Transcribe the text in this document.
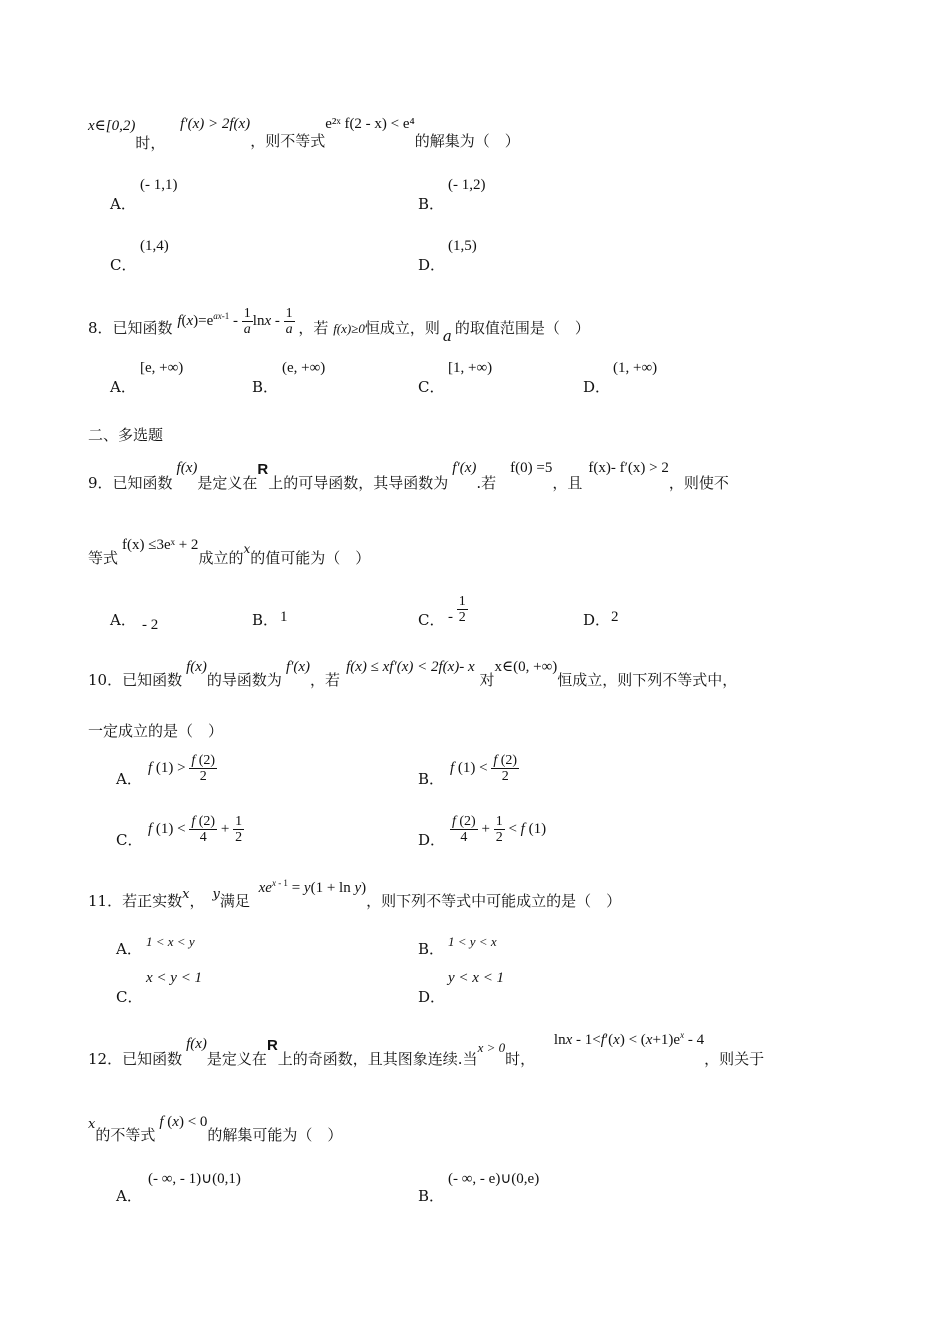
x∈[0,2)时， f′(x) > 2f(x)，则不等式e²ˣ f(2 - x) < e⁴的解集为（　）
A．
(- 1,1)
B．
(- 1,2)
C．
(1,4)
D．
(1,5)
8．已知函数 $f(x)=e^{ax-1} - \frac{1}{a}$ lnx - $\frac{1}{a}$ ，若 f(x)≥0恒成立，则 a 的取值范围是（　）
A．
[e, +∞)
B．
(e, +∞)
C．
[1, +∞)
D．
(1, +∞)
二、多选题
9．已知函数f(x)是定义在R上的可导函数，其导函数为f′(x).若f(0) =5，且f(x)- f′(x) > 2，则使不
等式f(x) ≤3eˣ + 2成立的$_x$的值可能为（　）
A． - 2	B． 1	C． - $\frac{1}{2}$	D． 2
10．已知函数f(x)的导函数为f′(x)，若f(x) ≤ xf′(x) < 2f(x)- x 对x∈(0, +∞)恒成立，则下列不等式中，
一定成立的是（　）
A．
f $(1) > \frac{f (2)}{2}$	B．
f $(1) < \frac{f (2)}{2}$
C．
f $(1) < \frac{f (2)}{4} + \frac{1}{2}$	D． $\frac{f (2)}{4} + \frac{1}{2} < f$ (1)
11．若正实数x， y满足 $xe^{x - 1} = y(1 + \ln y)$，则下列不等式中可能成立的是（　）
A． 1 < x < y	B． 1 < y < x
C．
x < y < 1
D．
y < x < 1
12．已知函数f(x)是定义在R上的奇函数，且其图象连续.当x > 0时， $\ln x - 1<f'(x) < (x+1)e^x - 4$，则关于
x的不等式f (x) < 0的解集可能为（　）
A．
(- ∞, - 1)∪(0,1)
B．
(- ∞, - e)∪(0,e)
